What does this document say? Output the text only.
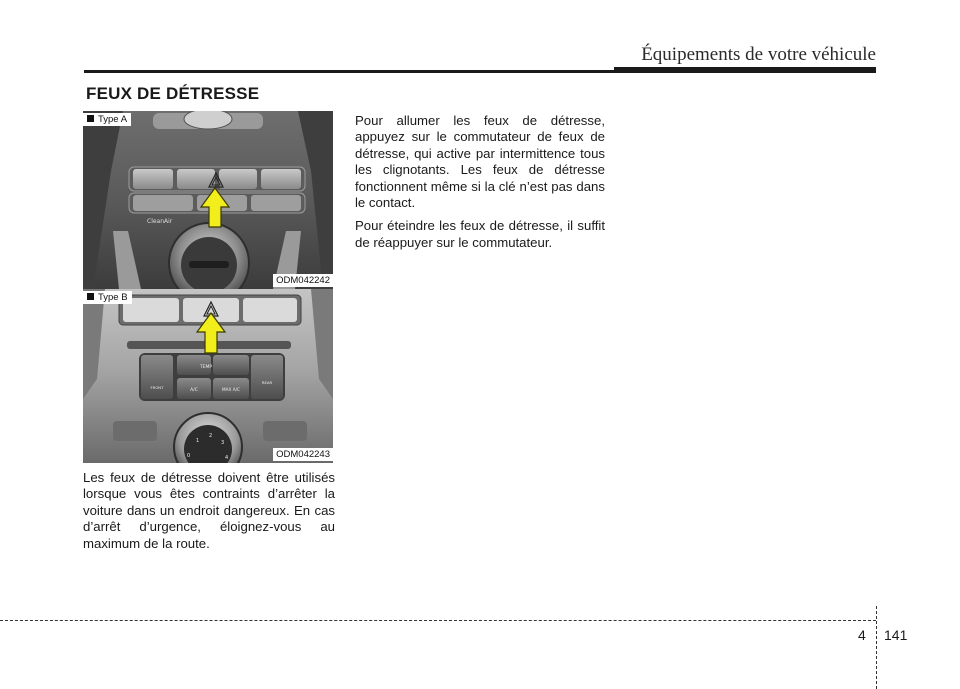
Équipements de votre véhicule
FEUX DE DÉTRESSE
CleanAir
Type A
ODM042242
TEMP
FRONT
REAR
A/C	MAX A/C
0
1
2
3
4
Type B
ODM042243

Les feux de détresse doivent être utilisés lorsque vous êtes contraints d’arrêter la voiture dans un endroit dangereux. En cas d’arrêt d’urgence, éloignez-vous au maximum de la route.

Pour allumer les feux de détresse, appuyez sur le commutateur de feux de détresse, qui active par intermittence tous les clignotants. Les feux de détresse fonctionnent même si la clé n’est pas dans le contact.

Pour éteindre les feux de détresse, il suffit de réappuyer sur le commutateur.

4 141
